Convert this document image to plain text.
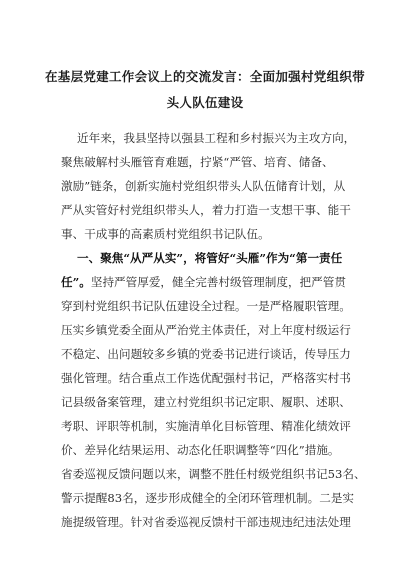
在基层党建工作会议上的交流发言：全面加强村党组织带
头人队伍建设
近年来，我县坚持以强县工程和乡村振兴为主攻方向，
聚焦破解村头雁管育难题，拧紧“严管、培育、储备、
激励”链条，创新实施村党组织带头人队伍储育计划，从
严从实管好村党组织带头人，着力打造一支想干事、能干
事、干成事的高素质村党组织书记队伍。
一、聚焦“从严从实”，将管好“头雁”作为“第一责任
任”。坚持严管厚爱，健全完善村级管理制度，把严管贯
穿到村党组织书记队伍建设全过程。一是严格履职管理。
压实乡镇党委全面从严治党主体责任，对上年度村级运行
不稳定、出问题较多乡镇的党委书记进行谈话，传导压力
强化管理。结合重点工作选优配强村书记，严格落实村书
记县级备案管理，建立村党组织书记定职、履职、述职、
考职、评职等机制，实施清单化目标管理、精准化绩效评
价、差异化结果运用、动态化任职调整等“四化”措施。
省委巡视反馈问题以来，调整不胜任村级党组织书记53名、
警示提醒83名，逐步形成健全的全闭环管理机制。二是实
施提级管理。针对省委巡视反馈村干部违规违纪违法处理
